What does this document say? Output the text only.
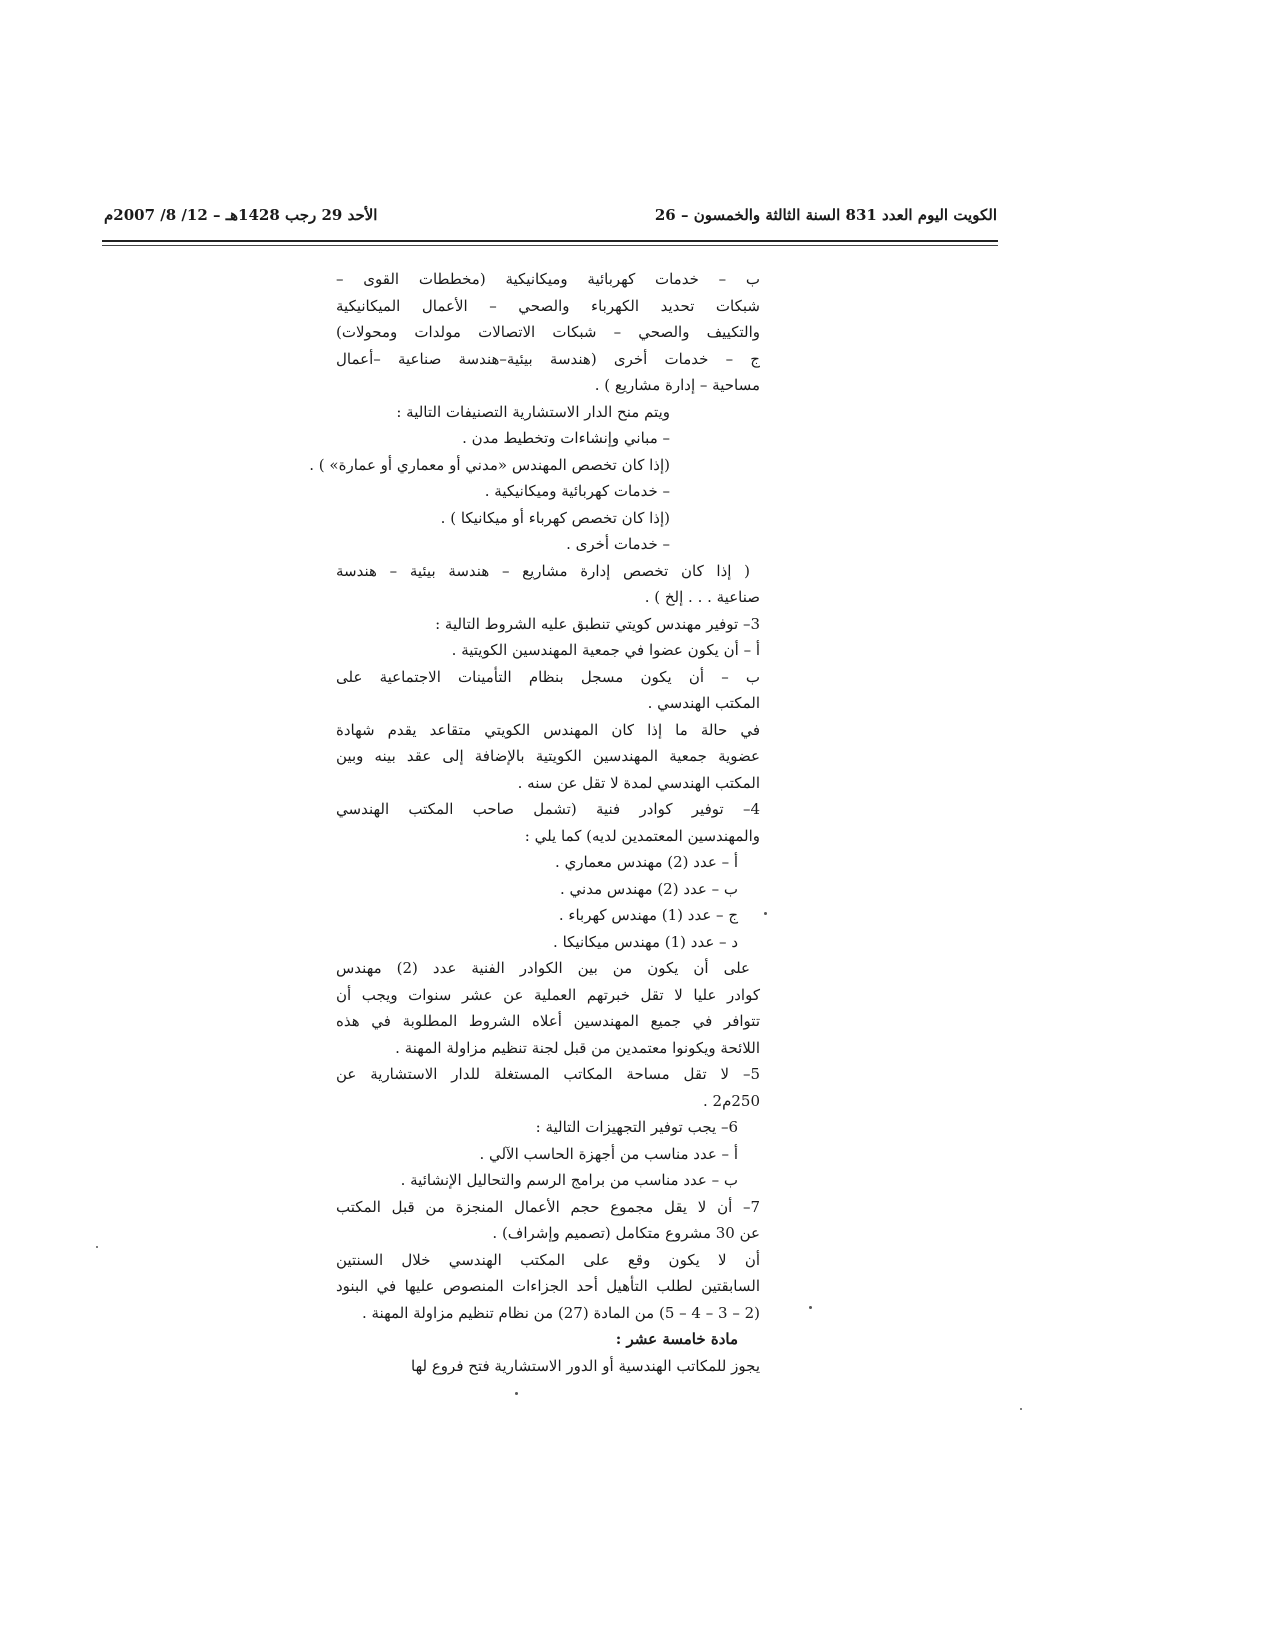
الكويت اليوم العدد 831 السنة الثالثة والخمسون – 26
الأحد 29 رجب 1428هـ – 12/ 8/ 2007م
ب – خدمات كهربائية وميكانيكية (مخططات القوى –
شبكات تحديد الكهرباء والصحي – الأعمال الميكانيكية
والتكييف والصحي – شبكات الاتصالات مولدات ومحولات)
ج – خدمات أخرى (هندسة بيئية–هندسة صناعية –أعمال
مساحية – إدارة مشاريع ) .
ويتم منح الدار الاستشارية التصنيفات التالية :
– مباني وإنشاءات وتخطيط مدن .
(إذا كان تخصص المهندس «مدني أو معماري أو عمارة» ) .
– خدمات كهربائية وميكانيكية .
(إذا كان تخصص كهرباء أو ميكانيكا ) .
– خدمات أخرى .
( إذا كان تخصص إدارة مشاريع – هندسة بيئية – هندسة
صناعية . . . إلخ ) .
3– توفير مهندس كويتي تنطبق عليه الشروط التالية :
أ – أن يكون عضوا في جمعية المهندسين الكويتية .
ب – أن يكون مسجل بنظام التأمينات الاجتماعية على
المكتب الهندسي .
في حالة ما إذا كان المهندس الكويتي متقاعد يقدم شهادة
عضوية جمعية المهندسين الكويتية بالإضافة إلى عقد بينه وبين
المكتب الهندسي لمدة لا تقل عن سنه .
4– توفير كوادر فنية (تشمل صاحب المكتب الهندسي
والمهندسين المعتمدين لديه) كما يلي :
أ – عدد (2) مهندس معماري .
ب – عدد (2) مهندس مدني .
ج – عدد (1) مهندس كهرباء .
د – عدد (1) مهندس ميكانيكا .
على أن يكون من بين الكوادر الفنية عدد (2) مهندس
كوادر عليا لا تقل خبرتهم العملية عن عشر سنوات ويجب أن
تتوافر في جميع المهندسين أعلاه الشروط المطلوبة في هذه
اللائحة ويكونوا معتمدين من قبل لجنة تنظيم مزاولة المهنة .
5– لا تقل مساحة المكاتب المستغلة للدار الاستشارية عن
250م2 .
6– يجب توفير التجهيزات التالية :
أ – عدد مناسب من أجهزة الحاسب الآلي .
ب – عدد مناسب من برامج الرسم والتحاليل الإنشائية .
7– أن لا يقل مجموع حجم الأعمال المنجزة من قبل المكتب
عن 30 مشروع متكامل (تصميم وإشراف) .
أن لا يكون وقع على المكتب الهندسي خلال السنتين
السابقتين لطلب التأهيل أحد الجزاءات المنصوص عليها في البنود
(2 – 3 – 4 – 5) من المادة (27) من نظام تنظيم مزاولة المهنة .
مادة خامسة عشر :
يجوز للمكاتب الهندسية أو الدور الاستشارية فتح فروع لها
